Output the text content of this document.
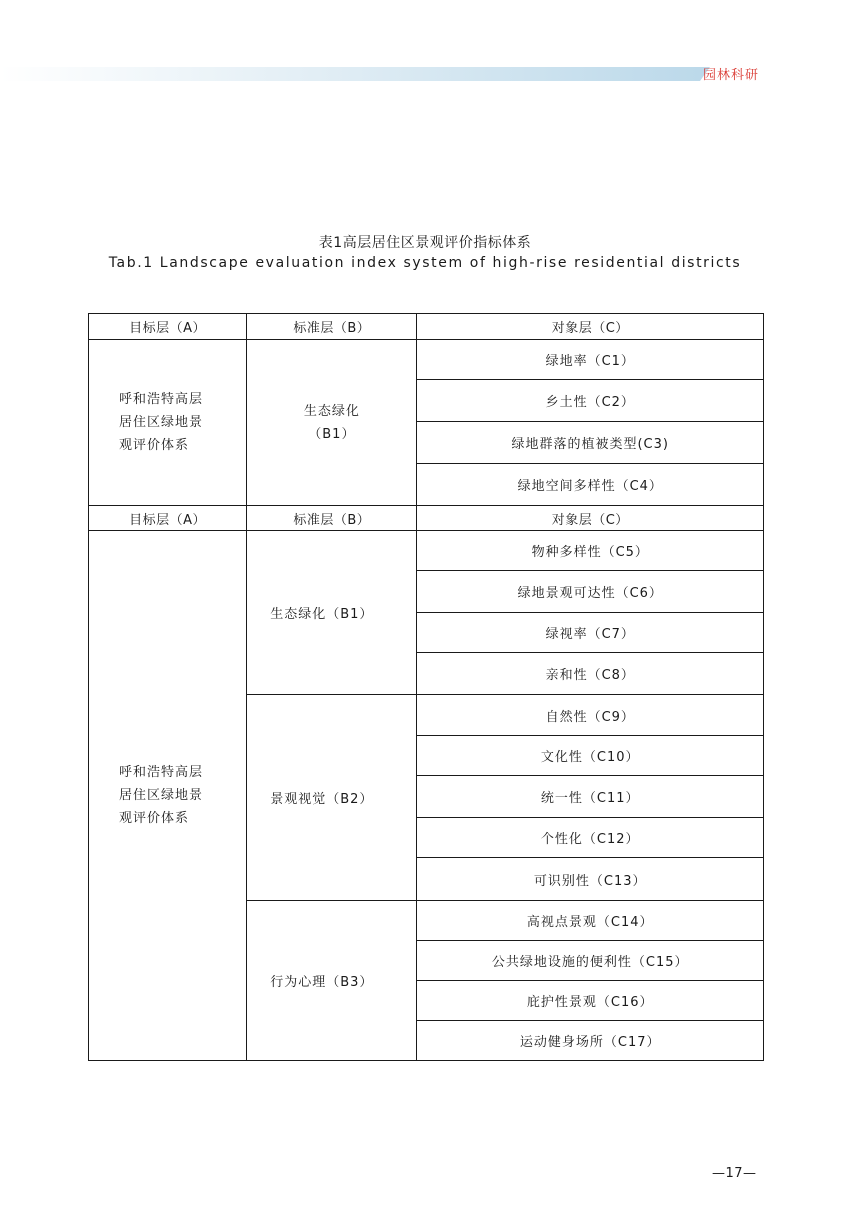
园林科研
表1高层居住区景观评价指标体系
Tab.1 Landscape evaluation index system of high-rise residential districts
目标层（A）	标准层（B）	对象层（C）

呼和浩特高层
居住区绿地景
观评价体系	生态绿化
（B1）	绿地率（C1）
		乡土性（C2）
		绿地群落的植被类型(C3)
		绿地空间多样性（C4）
目标层（A）	标准层（B）	对象层（C）

呼和浩特高层
居住区绿地景
观评价体系	生态绿化（B1）	物种多样性（C5）
		绿地景观可达性（C6）
		绿视率（C7）
		亲和性（C8）
	景观视觉（B2）	自然性（C9）
		文化性（C10）
		统一性（C11）
		个性化（C12）
		可识别性（C13）
	行为心理（B3）	高视点景观（C14）
		公共绿地设施的便利性（C15）
		庇护性景观（C16）
		运动健身场所（C17）
—17—
